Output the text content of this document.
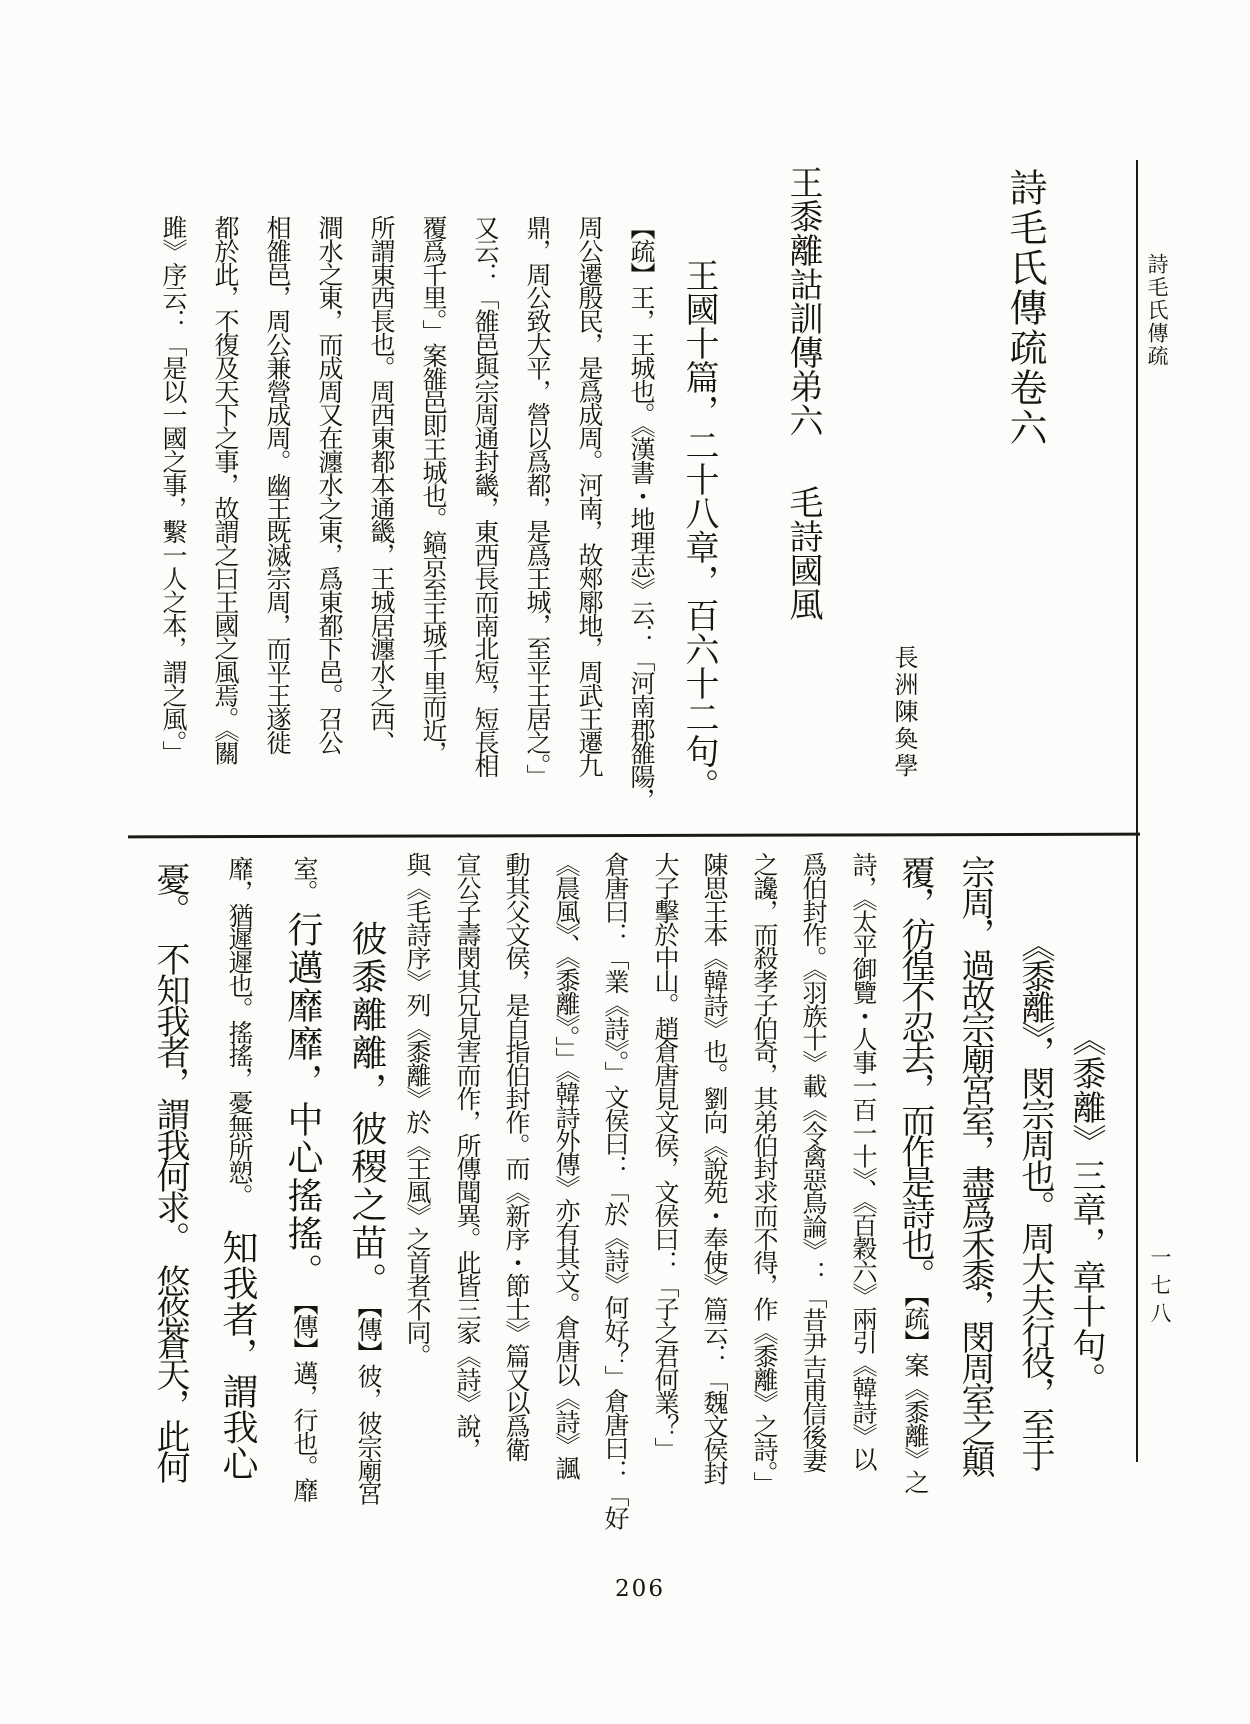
詩毛氏傳疏
一七八
詩毛氏傳疏卷六
長洲陳奐學
王黍離詁訓傳弟六毛詩國風
王國十篇，二十八章，百六十二句。
【疏】王，王城也。《漢書・地理志》云：「河南郡雒陽，
周公遷殷民，是爲成周。河南，故郟鄏地，周武王遷九
鼎，周公致大平，營以爲都，是爲王城，至平王居之。」
又云：「雒邑與宗周通封畿，東西長而南北短，短長相
覆爲千里。」案雒邑即王城也。鎬京至王城千里而近，
所謂東西長也。周西東都本通畿，王城居瀍水之西、
澗水之東，而成周又在瀍水之東，爲東都下邑。召公
相雒邑，周公兼營成周。幽王既滅宗周，而平王遂徙
都於此，不復及天下之事，故謂之曰王國之風焉。《關
雎》序云：「是以一國之事，繫一人之本，謂之風。」
《黍離》三章，章十句。
《黍離》，閔宗周也。周大夫行役，至于
宗周，過故宗廟宮室，盡爲禾黍，閔周室之顛
覆，彷徨不忍去，而作是詩也。【疏】案《黍離》之
詩，《太平御覽・人事一百一十》、《百穀六》兩引《韓詩》以
爲伯封作。《羽族十》載《令禽惡鳥論》：「昔尹吉甫信後妻
之讒，而殺孝子伯奇，其弟伯封求而不得，作《黍離》之詩。」
陳思王本《韓詩》也。劉向《說苑・奉使》篇云：「魏文侯封
大子擊於中山。趙倉唐見文侯，文侯曰：「子之君何業？」
倉唐曰：「業《詩》。」文侯曰：「於《詩》何好？」倉唐曰：「好
《晨風》、《黍離》。」」《韓詩外傳》亦有其文。倉唐以《詩》諷
動其父文侯，是自指伯封作。而《新序・節士》篇又以爲衛
宣公子壽閔其兄見害而作，所傳聞異。此皆三家《詩》說，
與《毛詩序》列《黍離》於《王風》之首者不同。
彼黍離離，彼稷之苗。【傳】彼，彼宗廟宮
室。行邁靡靡，中心搖搖。【傳】邁，行也。靡
靡，猶遲遲也。搖搖，憂無所愬。知我者，謂我心
憂。不知我者，謂我何求。悠悠蒼天，此何
206
